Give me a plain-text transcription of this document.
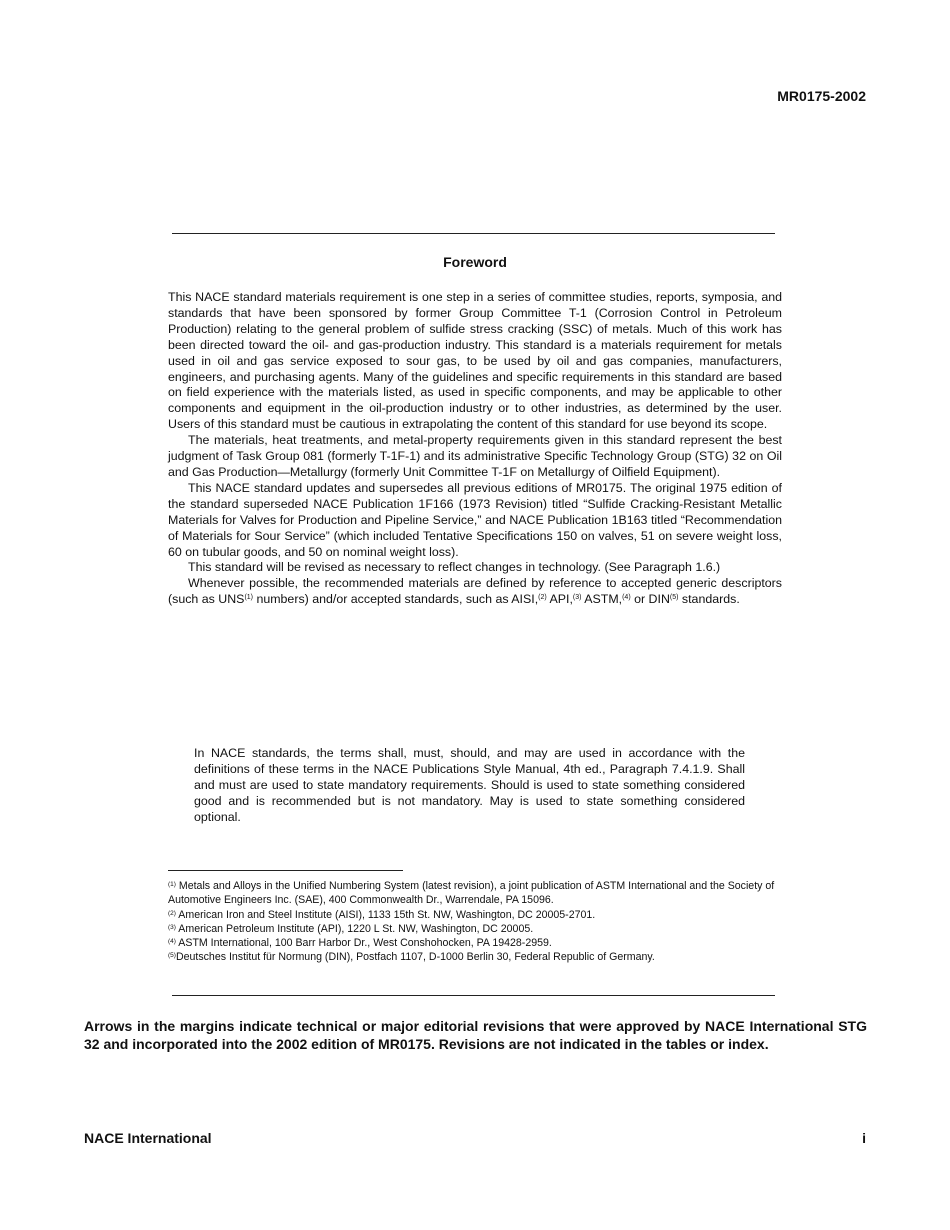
MR0175-2002
Foreword

This NACE standard materials requirement is one step in a series of committee studies, reports, symposia, and standards that have been sponsored by former Group Committee T-1 (Corrosion Control in Petroleum Production) relating to the general problem of sulfide stress cracking (SSC) of metals. Much of this work has been directed toward the oil- and gas-production industry. This standard is a materials requirement for metals used in oil and gas service exposed to sour gas, to be used by oil and gas companies, manufacturers, engineers, and purchasing agents. Many of the guidelines and specific requirements in this standard are based on field experience with the materials listed, as used in specific components, and may be applicable to other components and equipment in the oil-production industry or to other industries, as determined by the user. Users of this standard must be cautious in extrapolating the content of this standard for use beyond its scope.

The materials, heat treatments, and metal-property requirements given in this standard represent the best judgment of Task Group 081 (formerly T-1F-1) and its administrative Specific Technology Group (STG) 32 on Oil and Gas Production—Metallurgy (formerly Unit Committee T-1F on Metallurgy of Oilfield Equipment).

This NACE standard updates and supersedes all previous editions of MR0175. The original 1975 edition of the standard superseded NACE Publication 1F166 (1973 Revision) titled “Sulfide Cracking-Resistant Metallic Materials for Valves for Production and Pipeline Service,” and NACE Publication 1B163 titled “Recommendation of Materials for Sour Service” (which included Tentative Specifications 150 on valves, 51 on severe weight loss, 60 on tubular goods, and 50 on nominal weight loss).

This standard will be revised as necessary to reflect changes in technology. (See Paragraph 1.6.)

Whenever possible, the recommended materials are defined by reference to accepted generic descriptors (such as UNS$^{(1)}$ numbers) and/or accepted standards, such as AISI,$^{(2)}$ API,$^{(3)}$ ASTM,$^{(4)}$ or DIN$^{(5)}$ standards.

In NACE standards, the terms shall, must, should, and may are used in accordance with the definitions of these terms in the NACE Publications Style Manual, 4th ed., Paragraph 7.4.1.9. Shall and must are used to state mandatory requirements. Should is used to state something considered good and is recommended but is not mandatory. May is used to state something considered optional.

$^{(1)}$ Metals and Alloys in the Unified Numbering System (latest revision), a joint publication of ASTM International and the Society of Automotive Engineers Inc. (SAE), 400 Commonwealth Dr., Warrendale, PA 15096.

$^{(2)}$ American Iron and Steel Institute (AISI), 1133 15th St. NW, Washington, DC 20005-2701.

$^{(3)}$ American Petroleum Institute (API), 1220 L St. NW, Washington, DC 20005.

$^{(4)}$ ASTM International, 100 Barr Harbor Dr., West Conshohocken, PA 19428-2959.

$^{(5)}$Deutsches Institut für Normung (DIN), Postfach 1107, D-1000 Berlin 30, Federal Republic of Germany.

Arrows in the margins indicate technical or major editorial revisions that were approved by NACE International STG 32 and incorporated into the 2002 edition of MR0175. Revisions are not indicated in the tables or index.
NACE International	i
